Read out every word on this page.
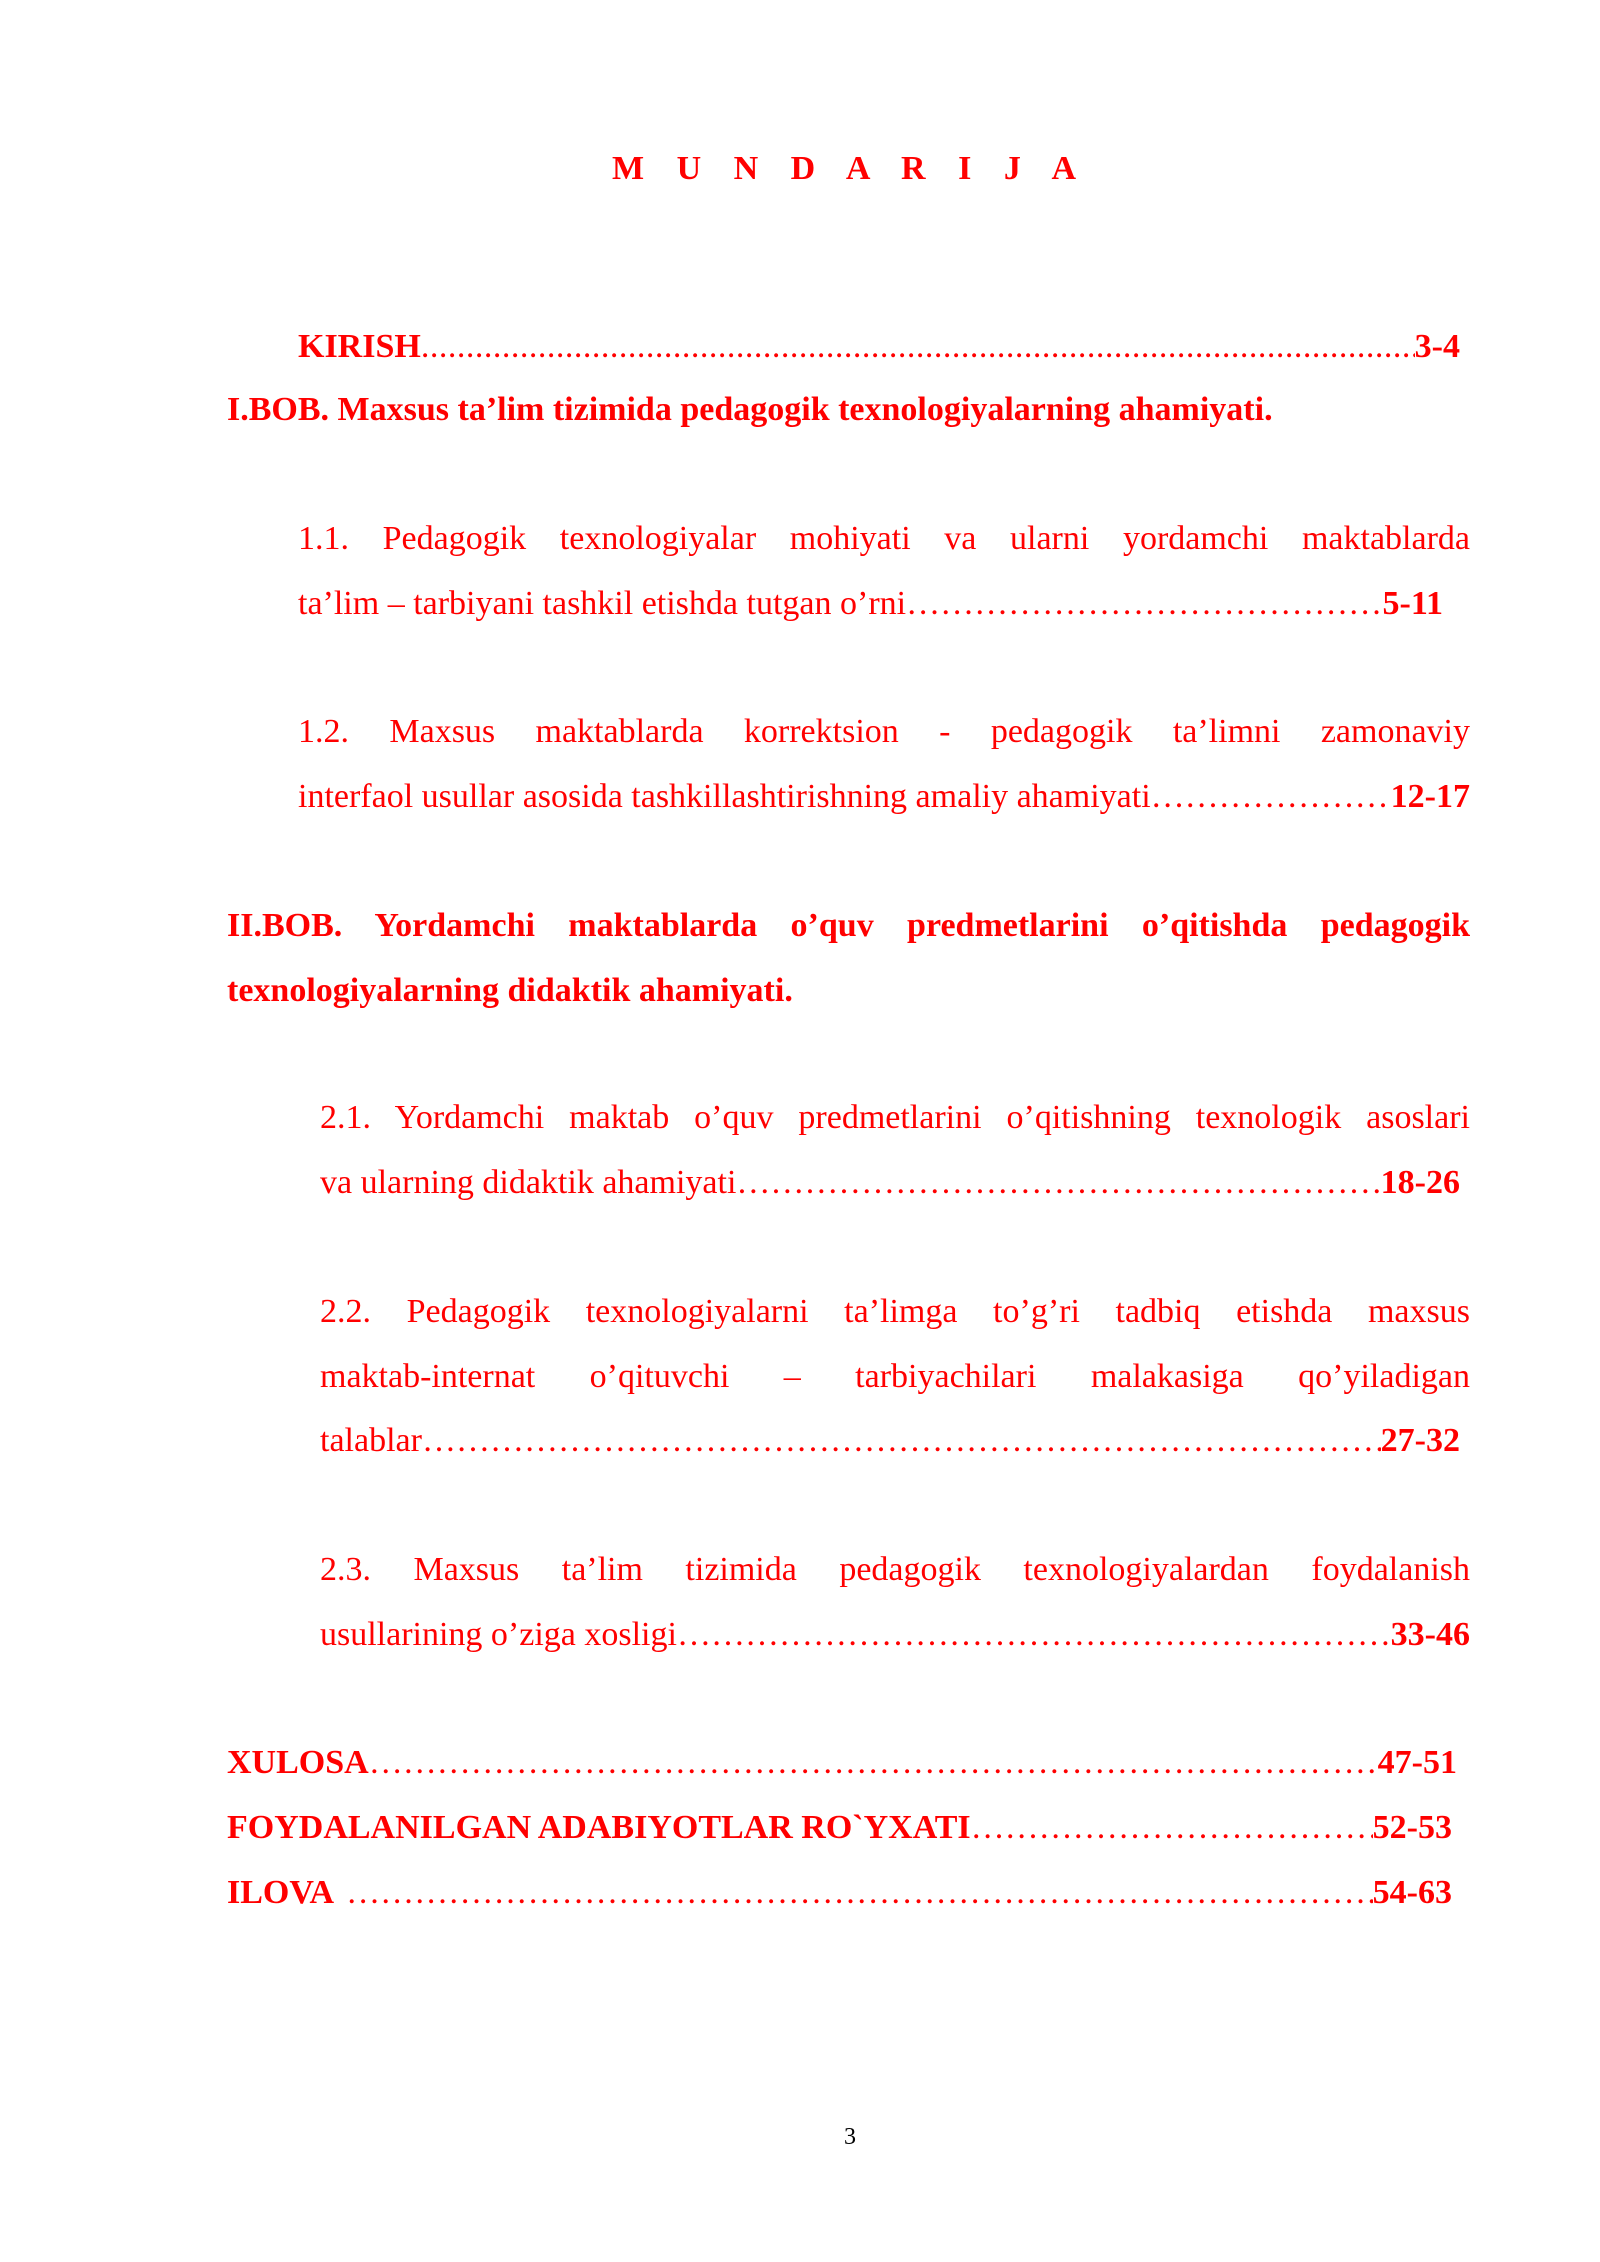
M U N D A R I J A
KIRISH .....	3-4
I.BOB. Maxsus ta’lim tizimida pedagogik texnologiyalarning ahamiyati.
1.1. Pedagogik texnologiyalar mohiyati va ularni yordamchi maktablarda
ta’lim – tarbiyani tashkil etishda tutgan o’rni ……………………………………………………………………………………………………………………………………………………………………………………	5-11
1.2. Maxsus maktablarda korrektsion - pedagogik ta’limni zamonaviy
interfaol usullar asosida tashkillashtirishning amaliy ahamiyati ……………………………………………………………………………………………………………………………………………………………………………………	12-17
II.BOB. Yordamchi maktablarda o’quv predmetlarini o’qitishda pedagogik
texnologiyalarning didaktik ahamiyati.
2.1. Yordamchi maktab o’quv predmetlarini o’qitishning texnologik asoslari
va ularning didaktik ahamiyati ……………………………………………………………………………………………………………………………………………………………………………………	18-26
2.2. Pedagogik texnologiyalarni ta’limga to’g’ri tadbiq etishda maxsus
maktab-internat o’qituvchi – tarbiyachilari malakasiga qo’yiladigan
talablar ……………………………………………………………………………………………………………………………………………………………………………………	27-32
2.3. Maxsus ta’lim tizimida pedagogik texnologiyalardan foydalanish
usullarining o’ziga xosligi ……………………………………………………………………………………………………………………………………………………………………………………	33-46
XULOSA ……………………………………………………………………………………………………………………………………………………………………………………	47-51
FOYDALANILGAN ADABIYOTLAR RO`YXATI ……………………………………………………………………………………………………………………………………………………………………………………	52-53
ILOVA ……………………………………………………………………………………………………………………………………………………………………………………	54-63
3
